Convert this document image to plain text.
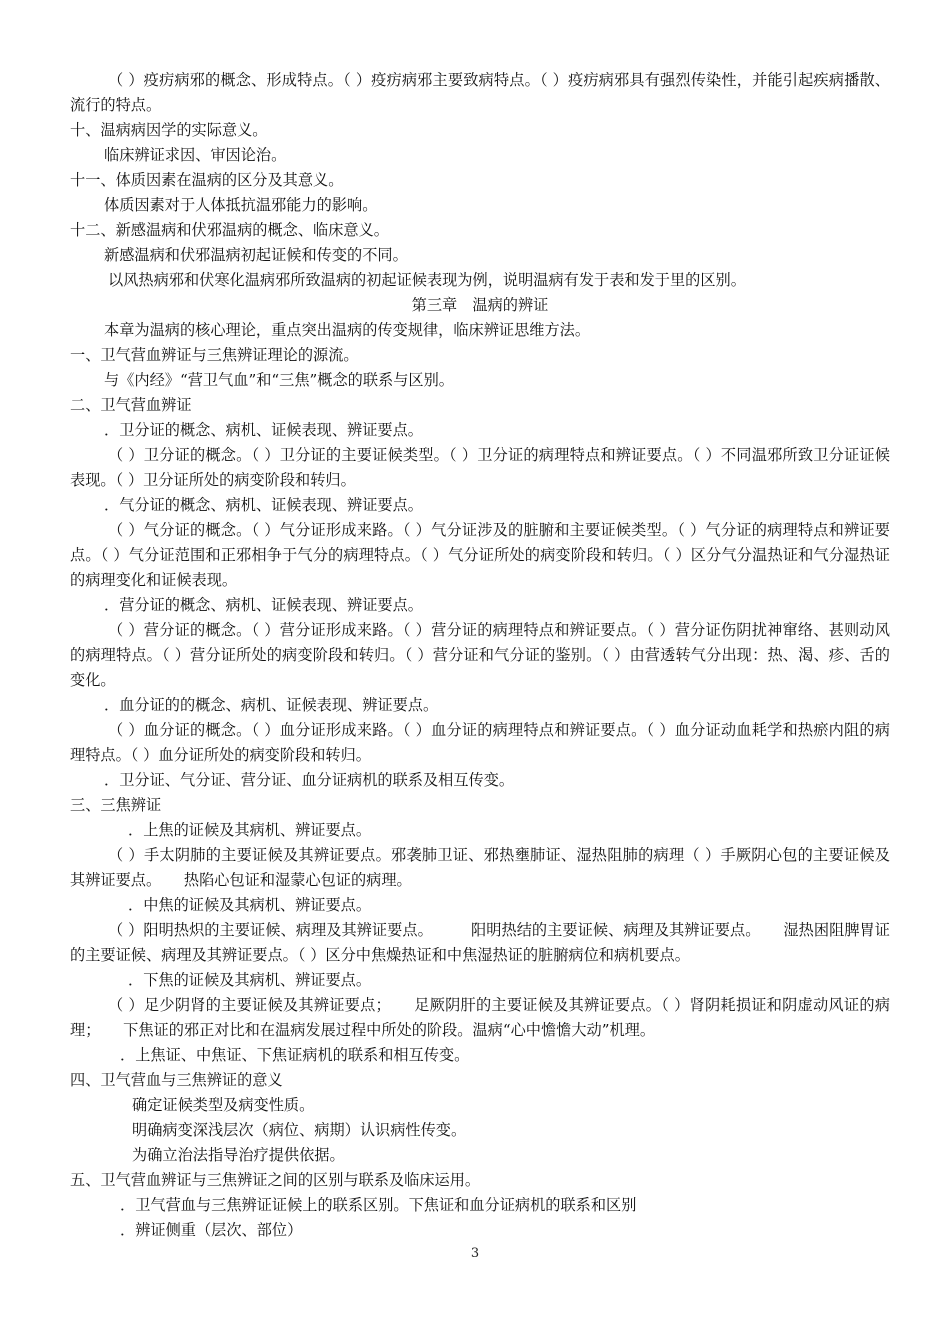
（ ）疫疠病邪的概念、形成特点。（ ）疫疠病邪主要致病特点。（ ）疫疠病邪具有强烈传染性，并能引起疾病播散、流行的特点。

十、温病病因学的实际意义。

临床辨证求因、审因论治。

十一、体质因素在温病的区分及其意义。

体质因素对于人体抵抗温邪能力的影响。

十二、新感温病和伏邪温病的概念、临床意义。

新感温病和伏邪温病初起证候和传变的不同。

以风热病邪和伏寒化温病邪所致温病的初起证候表现为例，说明温病有发于表和发于里的区别。

第三章　温病的辨证

本章为温病的核心理论，重点突出温病的传变规律，临床辨证思维方法。

一、卫气营血辨证与三焦辨证理论的源流。

与《内经》“营卫气血”和“三焦”概念的联系与区别。

二、卫气营血辨证

．卫分证的概念、病机、证候表现、辨证要点。

（ ）卫分证的概念。（ ）卫分证的主要证候类型。（ ）卫分证的病理特点和辨证要点。（ ）不同温邪所致卫分证证候表现。（ ）卫分证所处的病变阶段和转归。

．气分证的概念、病机、证候表现、辨证要点。

（ ）气分证的概念。（ ）气分证形成来路。（ ）气分证涉及的脏腑和主要证候类型。（ ）气分证的病理特点和辨证要点。（ ）气分证范围和正邪相争于气分的病理特点。（ ）气分证所处的病变阶段和转归。（ ）区分气分温热证和气分湿热证的病理变化和证候表现。

．营分证的概念、病机、证候表现、辨证要点。

（ ）营分证的概念。（ ）营分证形成来路。（ ）营分证的病理特点和辨证要点。（ ）营分证伤阴扰神窜络、甚则动风的病理特点。（ ）营分证所处的病变阶段和转归。（ ）营分证和气分证的鉴别。（ ）由营透转气分出现：热、渴、疹、舌的变化。

．血分证的的概念、病机、证候表现、辨证要点。

（ ）血分证的概念。（ ）血分证形成来路。（ ）血分证的病理特点和辨证要点。（ ）血分证动血耗学和热瘀内阻的病理特点。（ ）血分证所处的病变阶段和转归。

．卫分证、气分证、营分证、血分证病机的联系及相互传变。

三、三焦辨证

．上焦的证候及其病机、辨证要点。

（ ）手太阴肺的主要证候及其辨证要点。邪袭肺卫证、邪热壅肺证、湿热阻肺的病理（ ）手厥阴心包的主要证候及其辨证要点。　　热陷心包证和湿蒙心包证的病理。

．中焦的证候及其病机、辨证要点。

（ ）阳明热炽的主要证候、病理及其辨证要点。　　　阳明热结的主要证候、病理及其辨证要点。　　湿热困阻脾胃证的主要证候、病理及其辨证要点。（ ）区分中焦燥热证和中焦湿热证的脏腑病位和病机要点。

．下焦的证候及其病机、辨证要点。

（ ）足少阴肾的主要证候及其辨证要点；　　足厥阴肝的主要证候及其辨证要点。（ ）肾阴耗损证和阴虚动风证的病理；　　下焦证的邪正对比和在温病发展过程中所处的阶段。温病“心中憺憺大动”机理。

．上焦证、中焦证、下焦证病机的联系和相互传变。

四、卫气营血与三焦辨证的意义

确定证候类型及病变性质。

明确病变深浅层次（病位、病期）认识病性传变。

为确立治法指导治疗提供依据。

五、卫气营血辨证与三焦辨证之间的区别与联系及临床运用。

．卫气营血与三焦辨证证候上的联系区别。下焦证和血分证病机的联系和区别

．辨证侧重（层次、部位）

3
